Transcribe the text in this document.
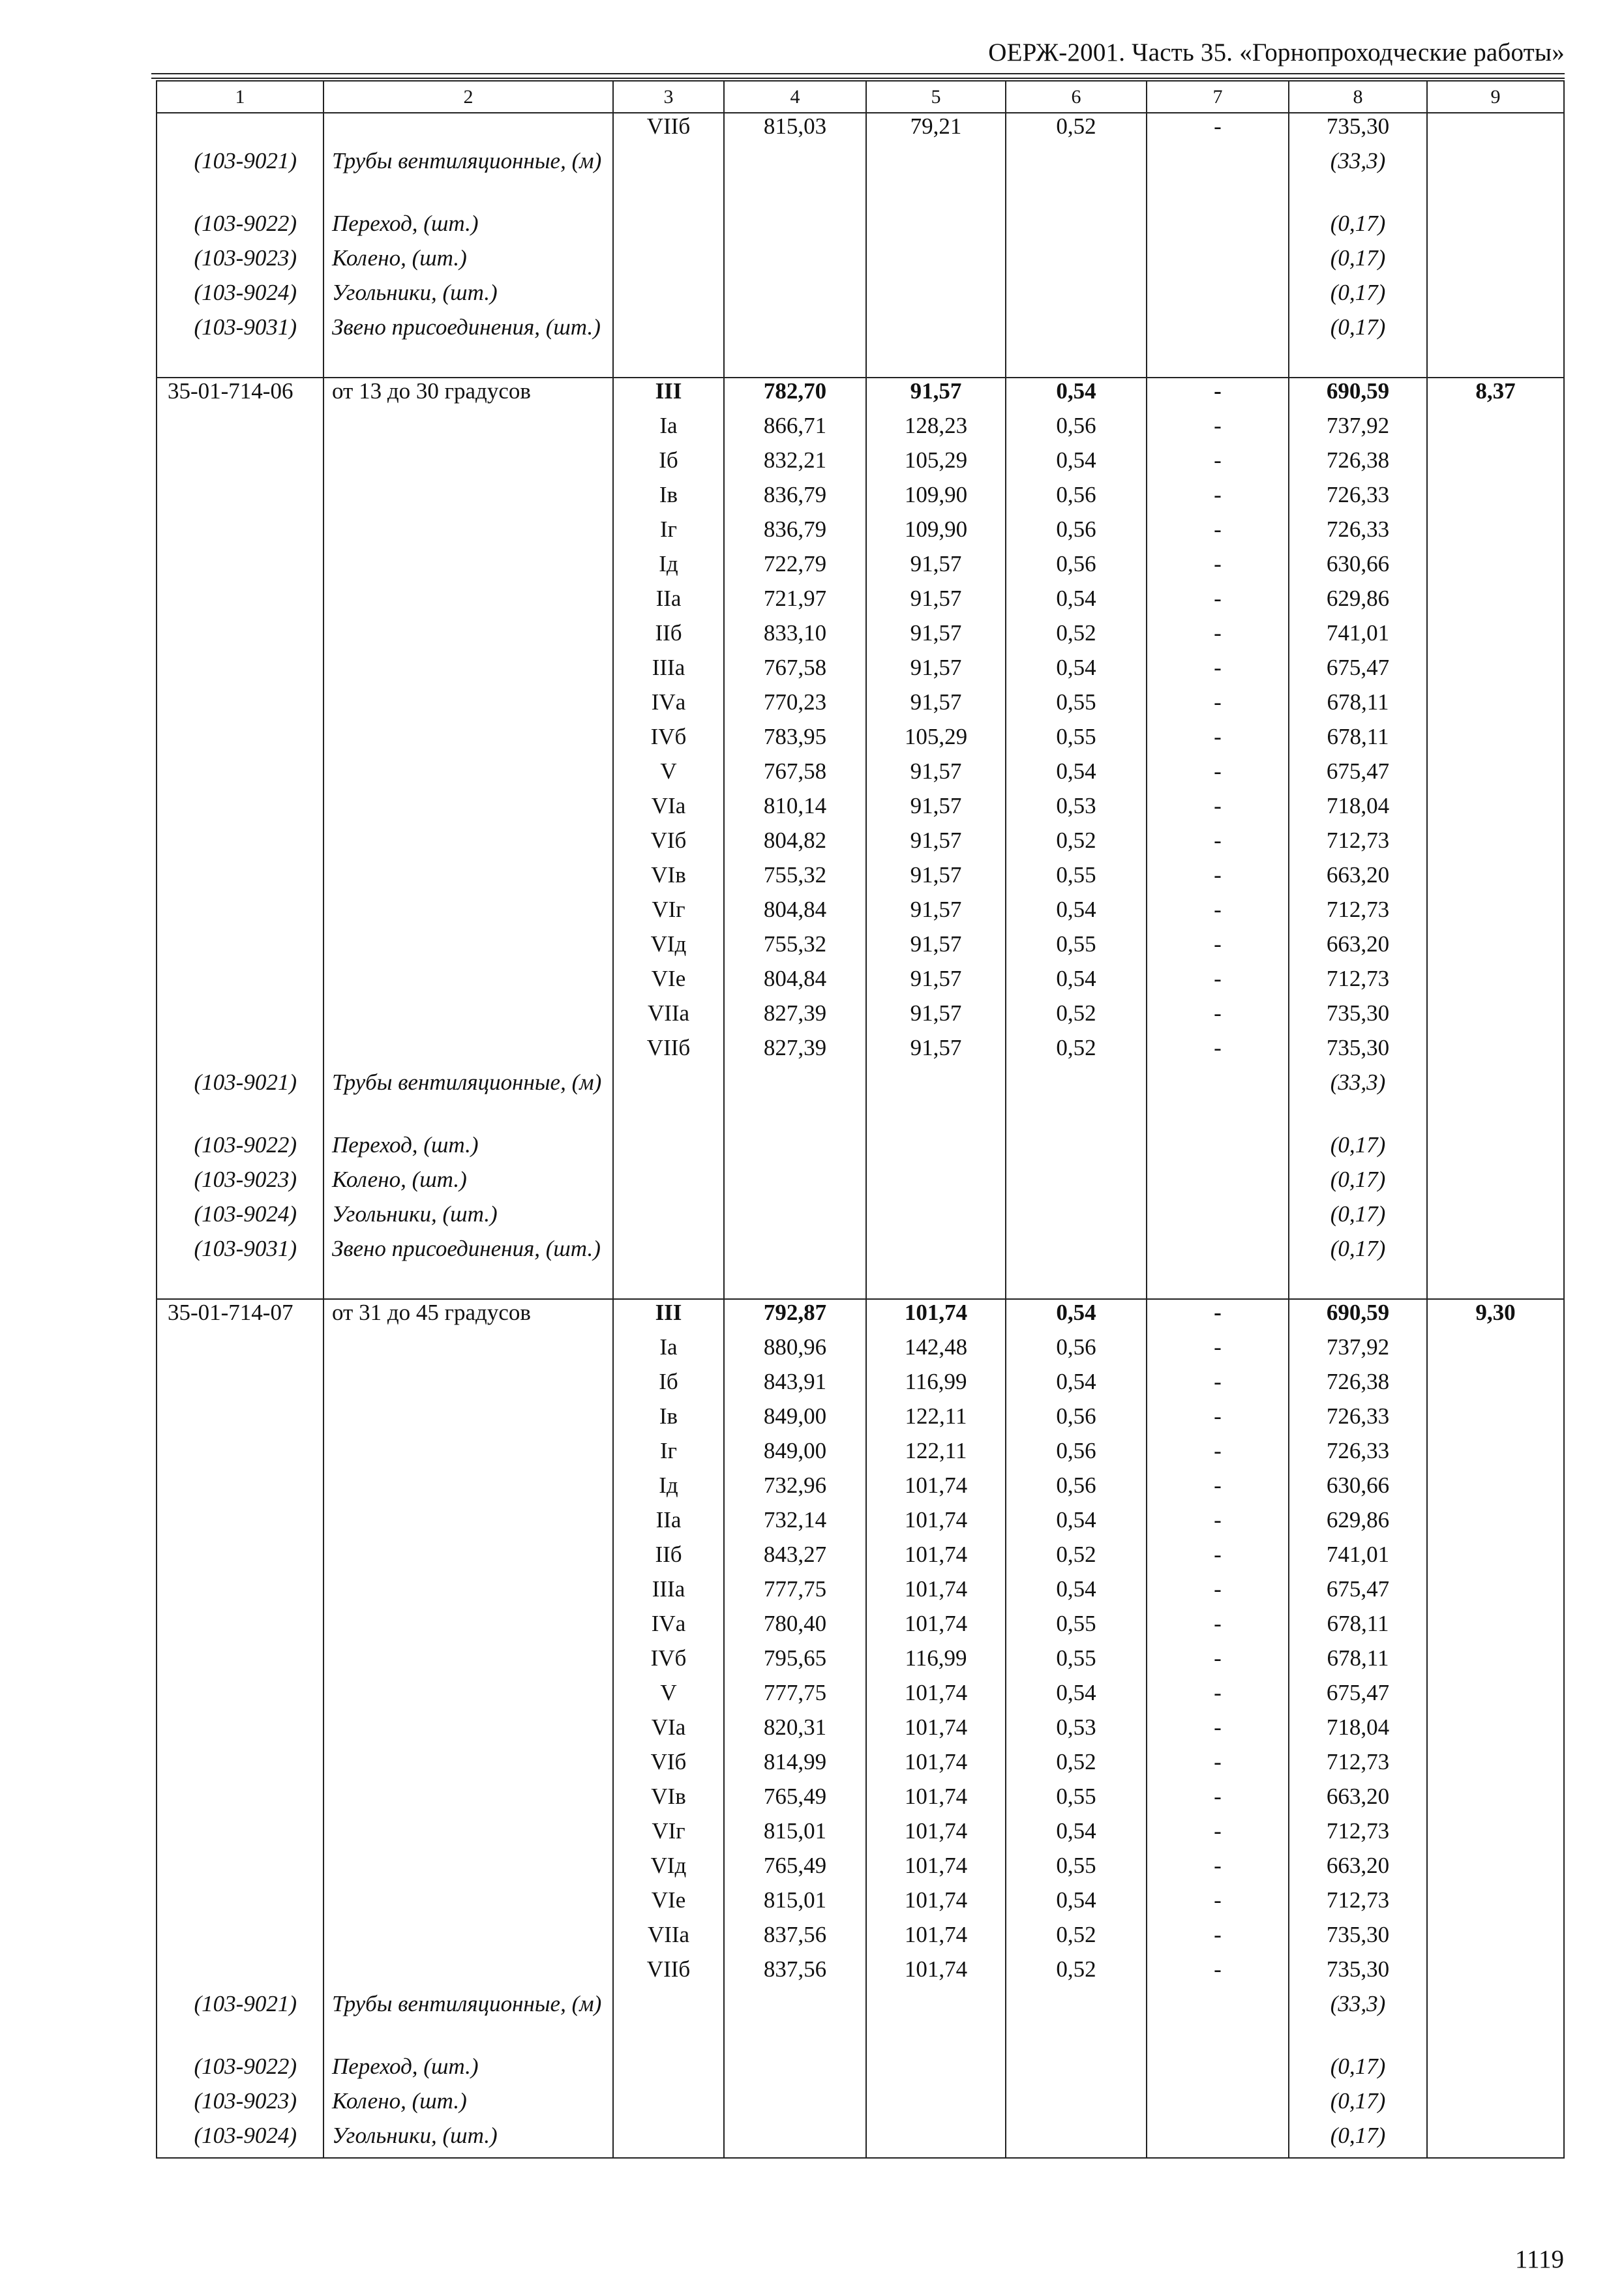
ОЕРЖ-2001. Часть 35. «Горнопроходческие работы»
1	2	3	4	5	6	7	8	9
		VIIб	815,03	79,21	0,52	-	735,30	
(103-9021)	Трубы вентиляционные, (м)						(33,3)	
(103-9022)	Переход, (шт.)						(0,17)	
(103-9023)	Колено, (шт.)						(0,17)	
(103-9024)	Угольники, (шт.)						(0,17)	
(103-9031)	Звено присоединения, (шт.)						(0,17)	
35-01-714-06	от 13 до 30 градусов	III	782,70	91,57	0,54	-	690,59	8,37
		Iа	866,71	128,23	0,56	-	737,92	
		Iб	832,21	105,29	0,54	-	726,38	
		Iв	836,79	109,90	0,56	-	726,33	
		Iг	836,79	109,90	0,56	-	726,33	
		Iд	722,79	91,57	0,56	-	630,66	
		IIа	721,97	91,57	0,54	-	629,86	
		IIб	833,10	91,57	0,52	-	741,01	
		IIIа	767,58	91,57	0,54	-	675,47	
		IVа	770,23	91,57	0,55	-	678,11	
		IVб	783,95	105,29	0,55	-	678,11	
		V	767,58	91,57	0,54	-	675,47	
		VIа	810,14	91,57	0,53	-	718,04	
		VIб	804,82	91,57	0,52	-	712,73	
		VIв	755,32	91,57	0,55	-	663,20	
		VIг	804,84	91,57	0,54	-	712,73	
		VIд	755,32	91,57	0,55	-	663,20	
		VIе	804,84	91,57	0,54	-	712,73	
		VIIа	827,39	91,57	0,52	-	735,30	
		VIIб	827,39	91,57	0,52	-	735,30	
(103-9021)	Трубы вентиляционные, (м)						(33,3)	
(103-9022)	Переход, (шт.)						(0,17)	
(103-9023)	Колено, (шт.)						(0,17)	
(103-9024)	Угольники, (шт.)						(0,17)	
(103-9031)	Звено присоединения, (шт.)						(0,17)	
35-01-714-07	от 31 до 45 градусов	III	792,87	101,74	0,54	-	690,59	9,30
		Iа	880,96	142,48	0,56	-	737,92	
		Iб	843,91	116,99	0,54	-	726,38	
		Iв	849,00	122,11	0,56	-	726,33	
		Iг	849,00	122,11	0,56	-	726,33	
		Iд	732,96	101,74	0,56	-	630,66	
		IIа	732,14	101,74	0,54	-	629,86	
		IIб	843,27	101,74	0,52	-	741,01	
		IIIа	777,75	101,74	0,54	-	675,47	
		IVа	780,40	101,74	0,55	-	678,11	
		IVб	795,65	116,99	0,55	-	678,11	
		V	777,75	101,74	0,54	-	675,47	
		VIа	820,31	101,74	0,53	-	718,04	
		VIб	814,99	101,74	0,52	-	712,73	
		VIв	765,49	101,74	0,55	-	663,20	
		VIг	815,01	101,74	0,54	-	712,73	
		VIд	765,49	101,74	0,55	-	663,20	
		VIе	815,01	101,74	0,54	-	712,73	
		VIIа	837,56	101,74	0,52	-	735,30	
		VIIб	837,56	101,74	0,52	-	735,30	
(103-9021)	Трубы вентиляционные, (м)						(33,3)	
(103-9022)	Переход, (шт.)						(0,17)	
(103-9023)	Колено, (шт.)						(0,17)	
(103-9024)	Угольники, (шт.)						(0,17)	
1119
